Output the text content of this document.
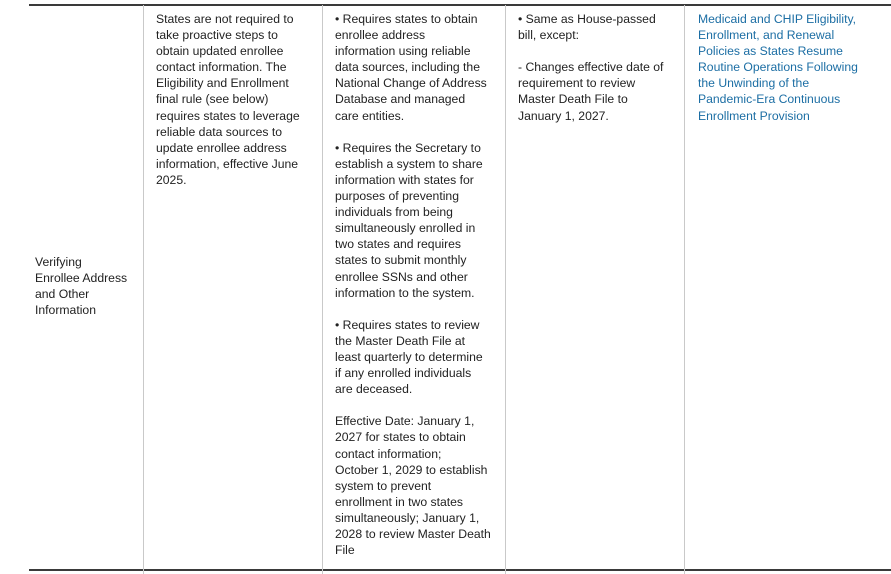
Verifying
Enrollee Address
and Other
Information

States are not required to
take proactive steps to
obtain updated enrollee
contact information. The
Eligibility and Enrollment
final rule (see below)
requires states to leverage
reliable data sources to
update enrollee address
information, effective June
2025.

• Requires states to obtain
enrollee address
information using reliable
data sources, including the
National Change of Address
Database and managed
care entities.

• Requires the Secretary to
establish a system to share
information with states for
purposes of preventing
individuals from being
simultaneously enrolled in
two states and requires
states to submit monthly
enrollee SSNs and other
information to the system.

• Requires states to review
the Master Death File at
least quarterly to determine
if any enrolled individuals
are deceased.

Effective Date: January 1,
2027 for states to obtain
contact information;
October 1, 2029 to establish
system to prevent
enrollment in two states
simultaneously; January 1,
2028 to review Master Death
File

• Same as House-passed
bill, except:

- Changes effective date of
requirement to review
Master Death File to
January 1, 2027.

Medicaid and CHIP Eligibility,
Enrollment, and Renewal
Policies as States Resume
Routine Operations Following
the Unwinding of the
Pandemic-Era Continuous
Enrollment Provision
